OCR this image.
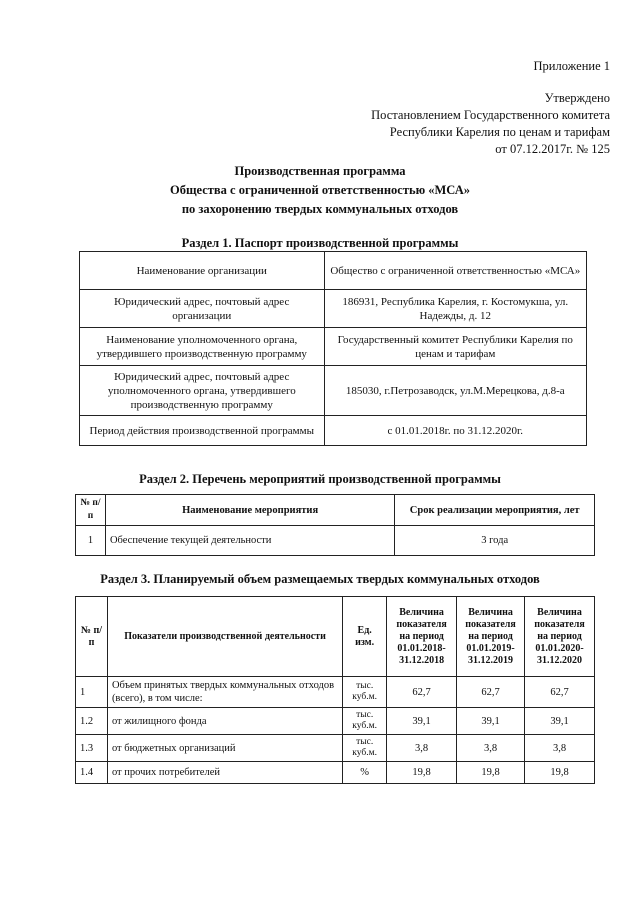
Приложение 1
Утверждено
Постановлением Государственного комитета
Республики Карелия по ценам и тарифам
от 07.12.2017г. № 125
Производственная программа
Общества с ограниченной ответственностью «МСА»
по захоронению твердых коммунальных отходов
Раздел 1. Паспорт производственной программы
Наименование организации	Общество с ограниченной ответственностью «МСА»
Юридический адрес, почтовый адрес организации	186931, Республика Карелия, г. Костомукша, ул. Надежды, д. 12
Наименование уполномоченного органа, утвердившего производственную программу	Государственный комитет Республики Карелия по ценам и тарифам
Юридический адрес, почтовый адрес уполномоченного органа, утвердившего производственную программу	185030, г.Петрозаводск, ул.М.Мерецкова, д.8-а
Период действия производственной программы	с 01.01.2018г. по 31.12.2020г.
Раздел 2. Перечень мероприятий производственной программы
№ п/п	Наименование мероприятия	Срок реализации мероприятия, лет
1	Обеспечение текущей деятельности	3 года
Раздел 3. Планируемый объем размещаемых твердых коммунальных отходов
№ п/п	Показатели производственной деятельности	Ед. изм.	Величина показателя на период 01.01.2018-31.12.2018	Величина показателя на период 01.01.2019-31.12.2019	Величина показателя на период 01.01.2020-31.12.2020
1	Объем принятых твердых коммунальных отходов (всего), в том числе:	тыс. куб.м.	62,7	62,7	62,7
1.2	от жилищного фонда	тыс. куб.м.	39,1	39,1	39,1
1.3	от бюджетных организаций	тыс. куб.м.	3,8	3,8	3,8
1.4	от прочих потребителей	%	19,8	19,8	19,8
